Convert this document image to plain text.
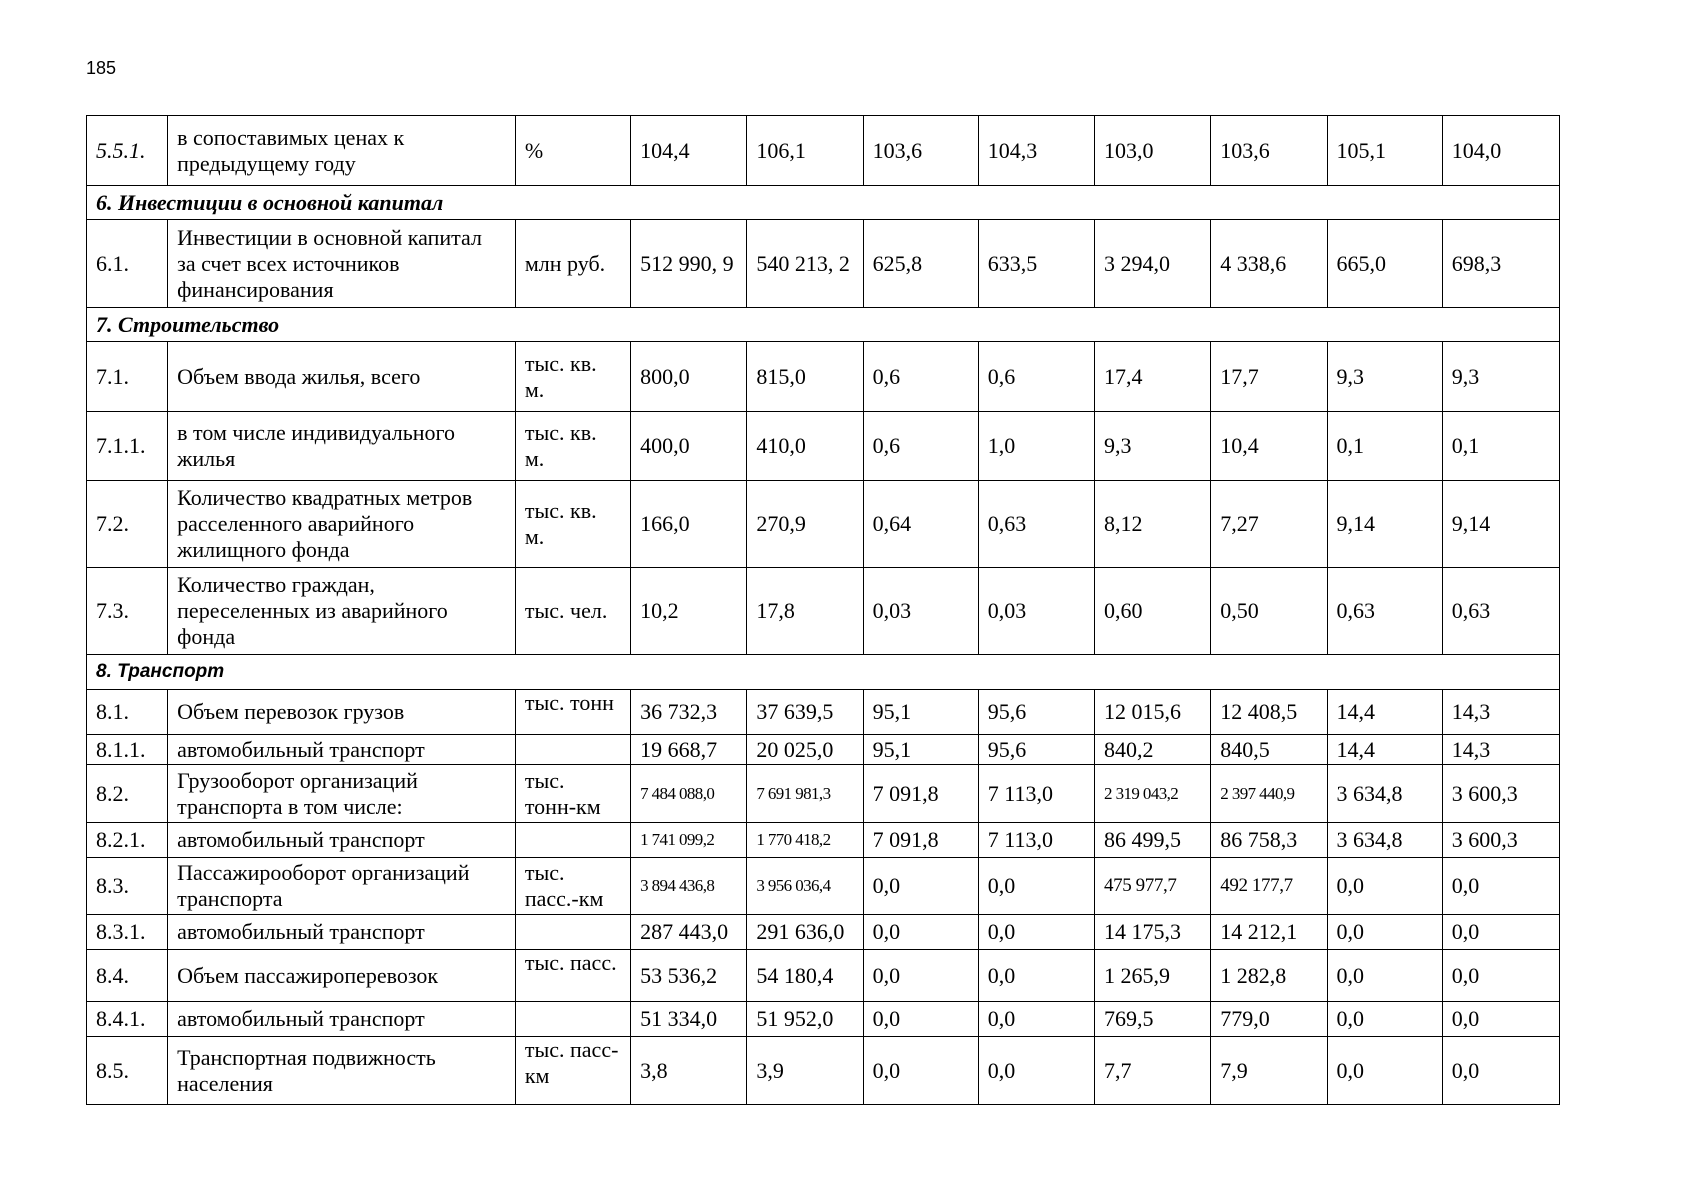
185
5.5.1.	в сопоставимых ценах к предыдущему году	%	104,4	106,1	103,6	104,3	103,0	103,6	105,1	104,0
6. Инвестиции в основной капитал										
6.1.	Инвестиции в основной капитал за счет всех источников финансирования	млн руб.	512 990, 9	540 213, 2	625,8	633,5	3 294,0	4 338,6	665,0	698,3
7. Строительство										
7.1.	Объем ввода жилья, всего	тыс. кв. м.	800,0	815,0	0,6	0,6	17,4	17,7	9,3	9,3
7.1.1.	в том числе индивидуального жилья	тыс. кв. м.	400,0	410,0	0,6	1,0	9,3	10,4	0,1	0,1
7.2.	Количество квадратных метров расселенного аварийного жилищного фонда	тыс. кв. м.	166,0	270,9	0,64	0,63	8,12	7,27	9,14	9,14
7.3.	Количество граждан, переселенных из аварийного фонда	тыс. чел.	10,2	17,8	0,03	0,03	0,60	0,50	0,63	0,63
8. Транспорт										
8.1.	Объем перевозок грузов	тыс. тонн	36 732,3	37 639,5	95,1	95,6	12 015,6	12 408,5	14,4	14,3
8.1.1.	автомобильный транспорт		19 668,7	20 025,0	95,1	95,6	840,2	840,5	14,4	14,3
8.2.	Грузооборот организаций транспорта в том числе:	тыс. тонн-км	7 484 088,0	7 691 981,3	7 091,8	7 113,0	2 319 043,2	2 397 440,9	3 634,8	3 600,3
8.2.1.	автомобильный транспорт		1 741 099,2	1 770 418,2	7 091,8	7 113,0	86 499,5	86 758,3	3 634,8	3 600,3
8.3.	Пассажирооборот организаций транспорта	тыс. пасс.-км	3 894 436,8	3 956 036,4	0,0	0,0	475 977,7	492 177,7	0,0	0,0
8.3.1.	автомобильный транспорт		287 443,0	291 636,0	0,0	0,0	14 175,3	14 212,1	0,0	0,0
8.4.	Объем пассажироперевозок	тыс. пасс.	53 536,2	54 180,4	0,0	0,0	1 265,9	1 282,8	0,0	0,0
8.4.1.	автомобильный транспорт		51 334,0	51 952,0	0,0	0,0	769,5	779,0	0,0	0,0
8.5.	Транспортная подвижность населения	тыс. пасс-км	3,8	3,9	0,0	0,0	7,7	7,9	0,0	0,0
